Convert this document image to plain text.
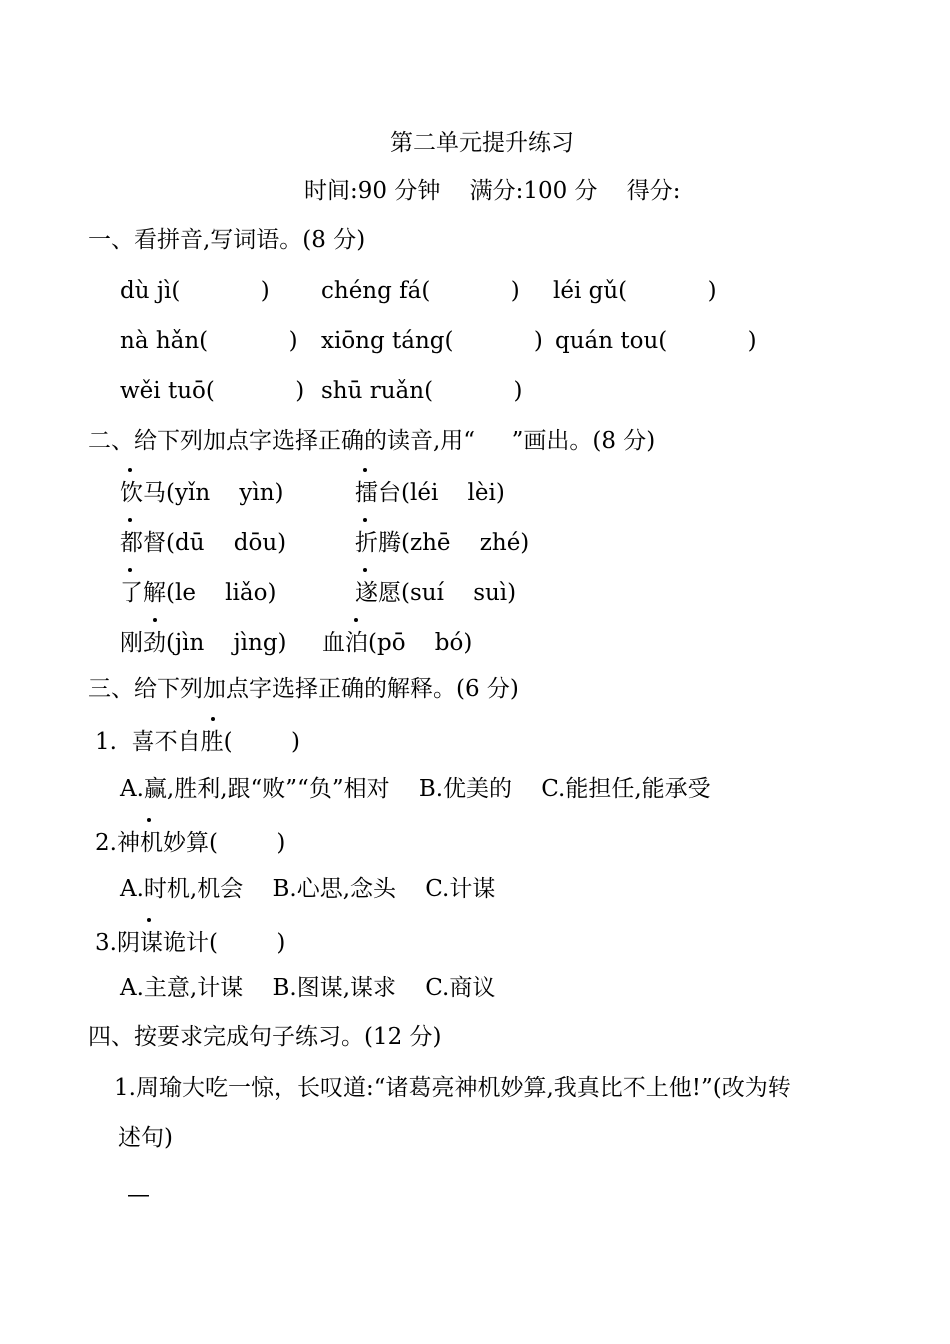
第二单元提升练习
时间:90 分钟    满分:100 分    得分:
一、看拼音,写词语。(8 分)
dù jì(           ) chéng fá(           ) léi gǔ(           )
nà hǎn(           ) xiōng táng(           ) quán tou(           )
wěi tuō(           ) shū ruǎn(           )
二、给下列加点字选择正确的读音,用“     ”画出。(8 分)
饮马(yǐn    yìn)	擂台(léi    lèi)
都督(dū    dōu)	折腾(zhē    zhé)
了解(le    liǎo)	遂愿(suí    suì)
刚劲(jìn    jìng) 血泊(pō    bó)
三、给下列加点字选择正确的解释。(6 分)
1.  喜不自胜(        )
A.赢,胜利,跟“败”“负”相对    B.优美的    C.能担任,能承受
2.神机妙算(        )
A.时机,机会    B.心思,念头    C.计谋
3.阴谋诡计(        )
A.主意,计谋    B.图谋,谋求    C.商议
四、按要求完成句子练习。(12 分)
1.周瑜大吃一惊，长叹道:“诸葛亮神机妙算,我真比不上他!”(改为转
述句)
—
